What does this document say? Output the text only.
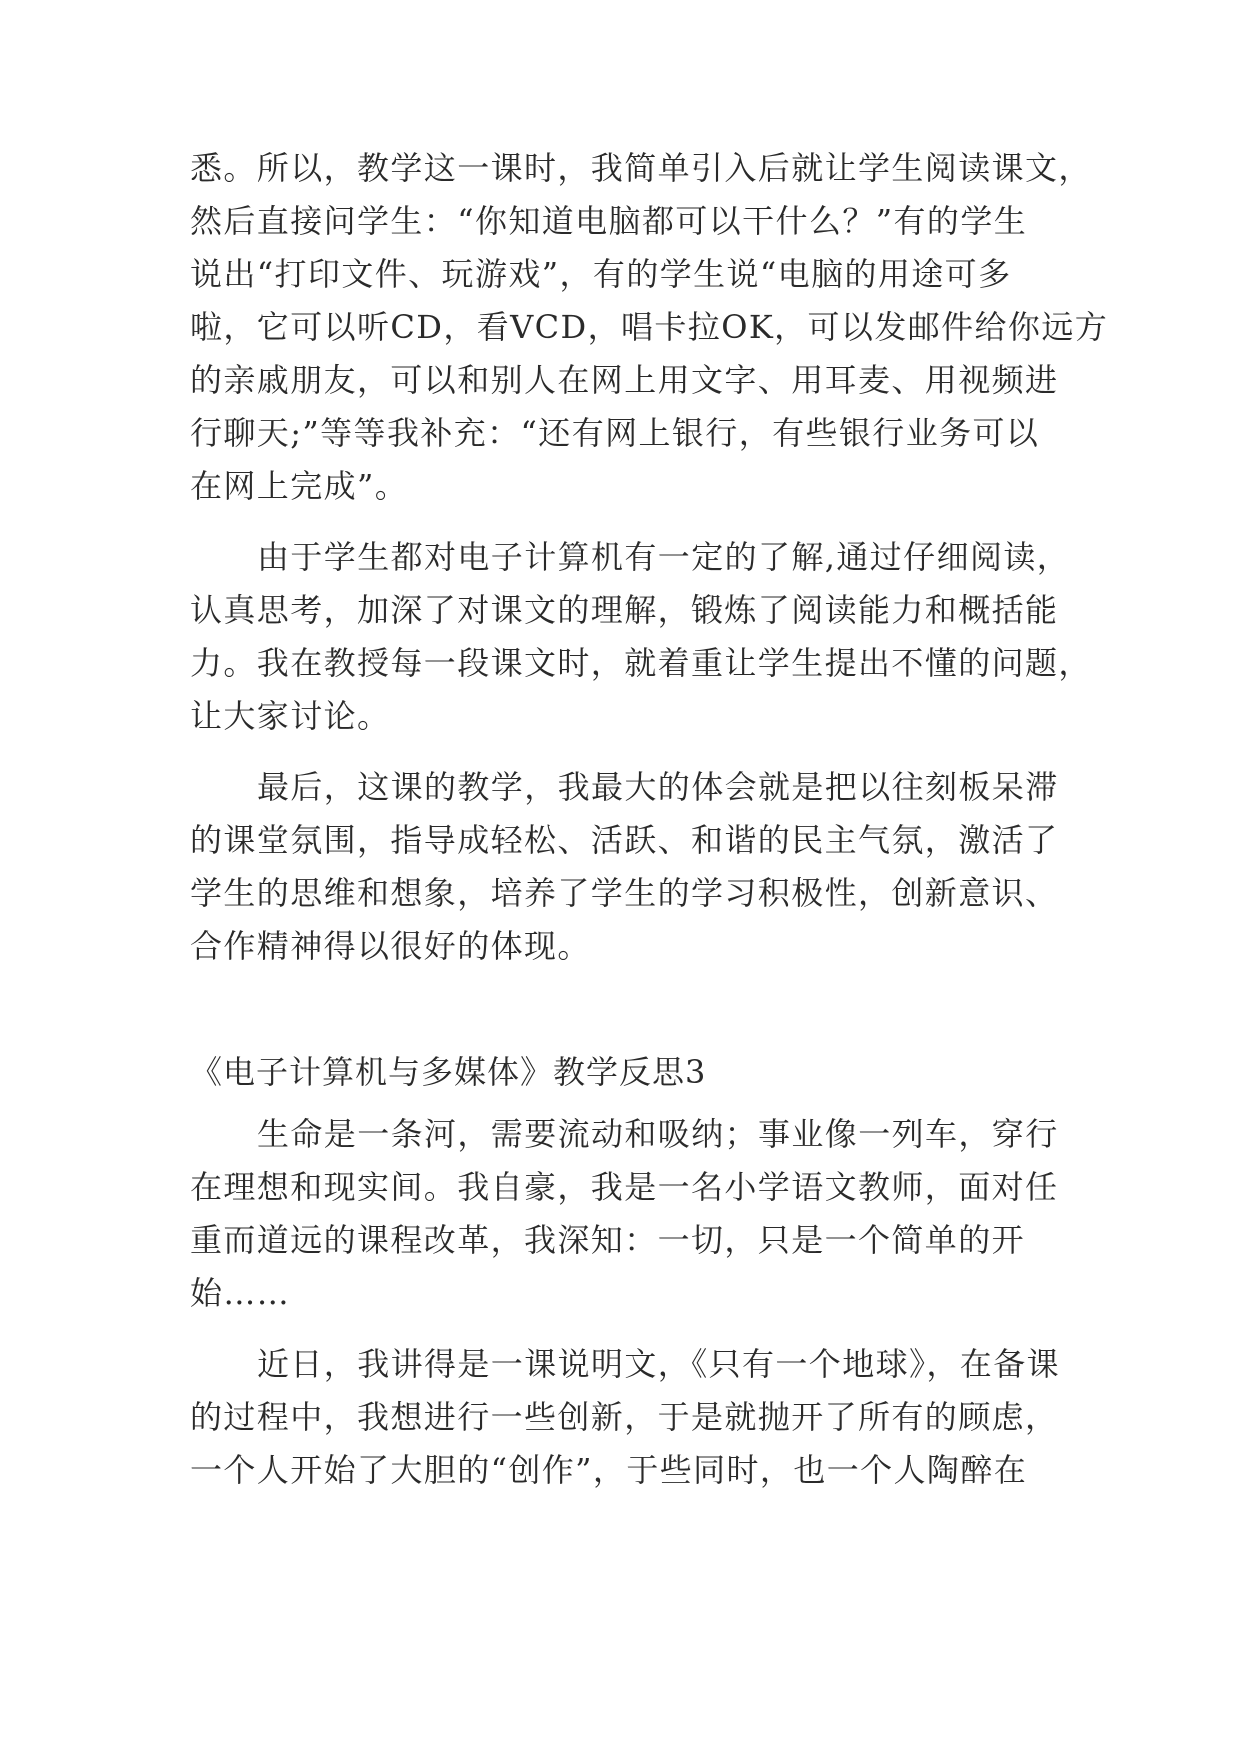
悉。所以，教学这一课时，我简单引入后就让学生阅读课文，
然后直接问学生：“你知道电脑都可以干什么？”有的学生
说出“打印文件、玩游戏”，有的学生说“电脑的用途可多
啦，它可以听CD，看VCD，唱卡拉OK，可以发邮件给你远方
的亲戚朋友，可以和别人在网上用文字、用耳麦、用视频进
行聊天;”等等我补充：“还有网上银行，有些银行业务可以
在网上完成”。
由于学生都对电子计算机有一定的了解,通过仔细阅读，
认真思考，加深了对课文的理解，锻炼了阅读能力和概括能
力。我在教授每一段课文时，就着重让学生提出不懂的问题，
让大家讨论。
最后，这课的教学，我最大的体会就是把以往刻板呆滞
的课堂氛围，指导成轻松、活跃、和谐的民主气氛，激活了
学生的思维和想象，培养了学生的学习积极性，创新意识、
合作精神得以很好的体现。
《电子计算机与多媒体》教学反思3
生命是一条河，需要流动和吸纳；事业像一列车，穿行
在理想和现实间。我自豪，我是一名小学语文教师，面对任
重而道远的课程改革，我深知：一切，只是一个简单的开
始……
近日，我讲得是一课说明文，《只有一个地球》，在备课
的过程中，我想进行一些创新，于是就抛开了所有的顾虑，
一个人开始了大胆的“创作”，于些同时，也一个人陶醉在
